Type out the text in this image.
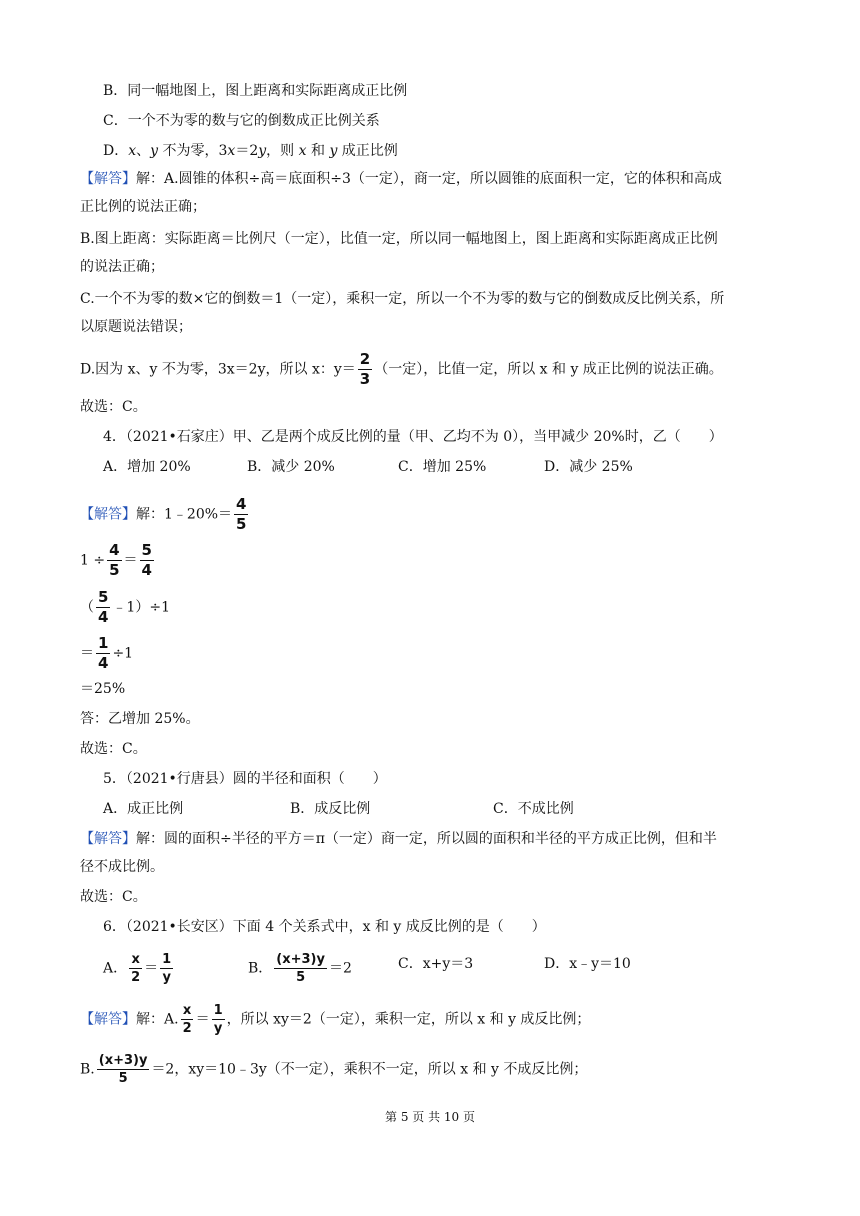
B．同一幅地图上，图上距离和实际距离成正比例
C．一个不为零的数与它的倒数成正比例关系
D．x、y 不为零，3x＝2y，则 x 和 y 成正比例
【解答】解：A.圆锥的体积÷高＝底面积÷3（一定），商一定，所以圆锥的底面积一定，它的体积和高成
正比例的说法正确；
B.图上距离：实际距离＝比例尺（一定），比值一定，所以同一幅地图上，图上距离和实际距离成正比例
的说法正确；
C.一个不为零的数×它的倒数＝1（一定），乘积一定，所以一个不为零的数与它的倒数成反比例关系，所
以原题说法错误；
D.因为 x、y 不为零，3x＝2y，所以 x：$y= \frac{2}{3}$ （一定），比值一定，所以 x 和 y 成正比例的说法正确。
故选：C。
4．（2021•石家庄）甲、乙是两个成反比例的量（甲、乙均不为 0），当甲减少 20%时，乙（　　）
A．增加 20%	B．减少 20%	C．增加 25%	D．减少 25%
【解答】解：1﹣20%＝ $\frac{4}{5}$
$1 \div \frac{4}{5} = \frac{5}{4}$
（ $\frac{5}{4}$ ﹣1）÷1
＝ $\frac{1}{4} \div 1$
＝25%
答：乙增加 25%。
故选：C。
5．（2021•行唐县）圆的半径和面积（　　）
A．成正比例	B．成反比例	C．不成比例
【解答】解：圆的面积÷半径的平方＝π（一定）商一定，所以圆的面积和半径的平方成正比例，但和半
径不成比例。
故选：C。
6．（2021•长安区）下面 4 个关系式中，x 和 y 成反比例的是（　　）
A． $\frac{x}{2} = \frac{1}{y}$	B． $\frac{(x+3)y}{5} =2$	C．x+y＝3	D．x﹣y＝10
【解答】解：A. $\frac{x}{2} = \frac{1}{y}$ ，所以 xy＝2（一定），乘积一定，所以 x 和 y 成反比例；
B. $\frac{(x+3)y}{5} =2$，xy＝10﹣3y（不一定），乘积不一定，所以 x 和 y 不成反比例；
第 5 页 共 10 页
